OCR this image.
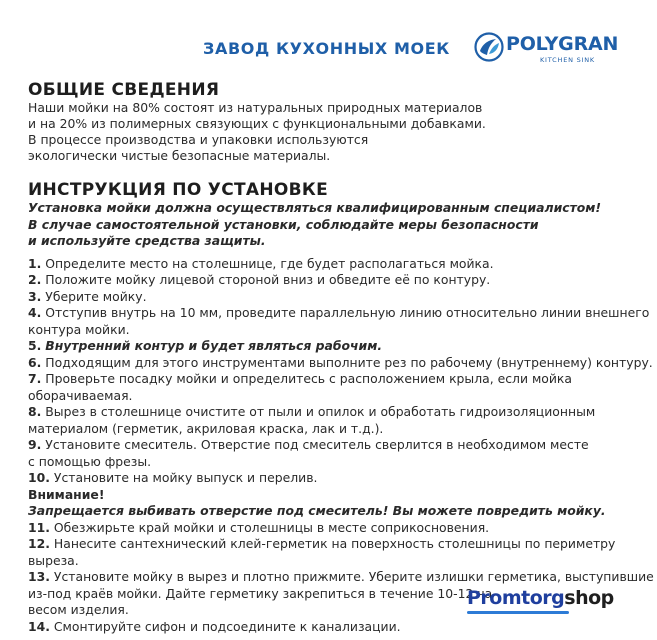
ЗАВОД КУХОННЫХ МОЕК	POLYGRAN
KITCHEN SINK
ОБЩИЕ СВЕДЕНИЯ
Наши мойки на 80% состоят из натуральных природных материалов
и на 20% из полимерных связующих с функциональными добавками.
В процессе производства и упаковки используются
экологически чистые безопасные материалы.
ИНСТРУКЦИЯ ПО УСТАНОВКЕ
Установка мойки должна осуществляться квалифицированным специалистом!
В случае самостоятельной установки, соблюдайте меры безопасности
и используйте средства защиты.
1. Определите место на столешнице, где будет располагаться мойка.
2. Положите мойку лицевой стороной вниз и обведите её по контуру.
3. Уберите мойку.
4. Отступив внутрь на 10 мм, проведите параллельную линию относительно линии внешнего
контура мойки.
5. Внутренний контур и будет являться рабочим.
6. Подходящим для этого инструментами выполните рез по рабочему (внутреннему) контуру.
7. Проверьте посадку мойки и определитесь с расположением крыла, если мойка
оборачиваемая.
8. Вырез в столешнице очистите от пыли и опилок и обработать гидроизоляционным
материалом (герметик, акриловая краска, лак и т.д.).
9. Установите смеситель. Отверстие под смеситель сверлится в необходимом месте
с помощью фрезы.
10. Установите на мойку выпуск и перелив.
Внимание!
Запрещается выбивать отверстие под смеситель! Вы можете повредить мойку.
11. Обезжирьте край мойки и столешницы в месте соприкосновения.
12. Нанесите сантехнический клей-герметик на поверхность столешницы по периметру
выреза.
13. Установите мойку в вырез и плотно прижмите. Уберите излишки герметика, выступившие
из-под краёв мойки. Дайте герметику закрепиться в течение 10-12 ча
весом изделия.
14. Смонтируйте сифон и подсоедините к канализации.
Promtorgshop
